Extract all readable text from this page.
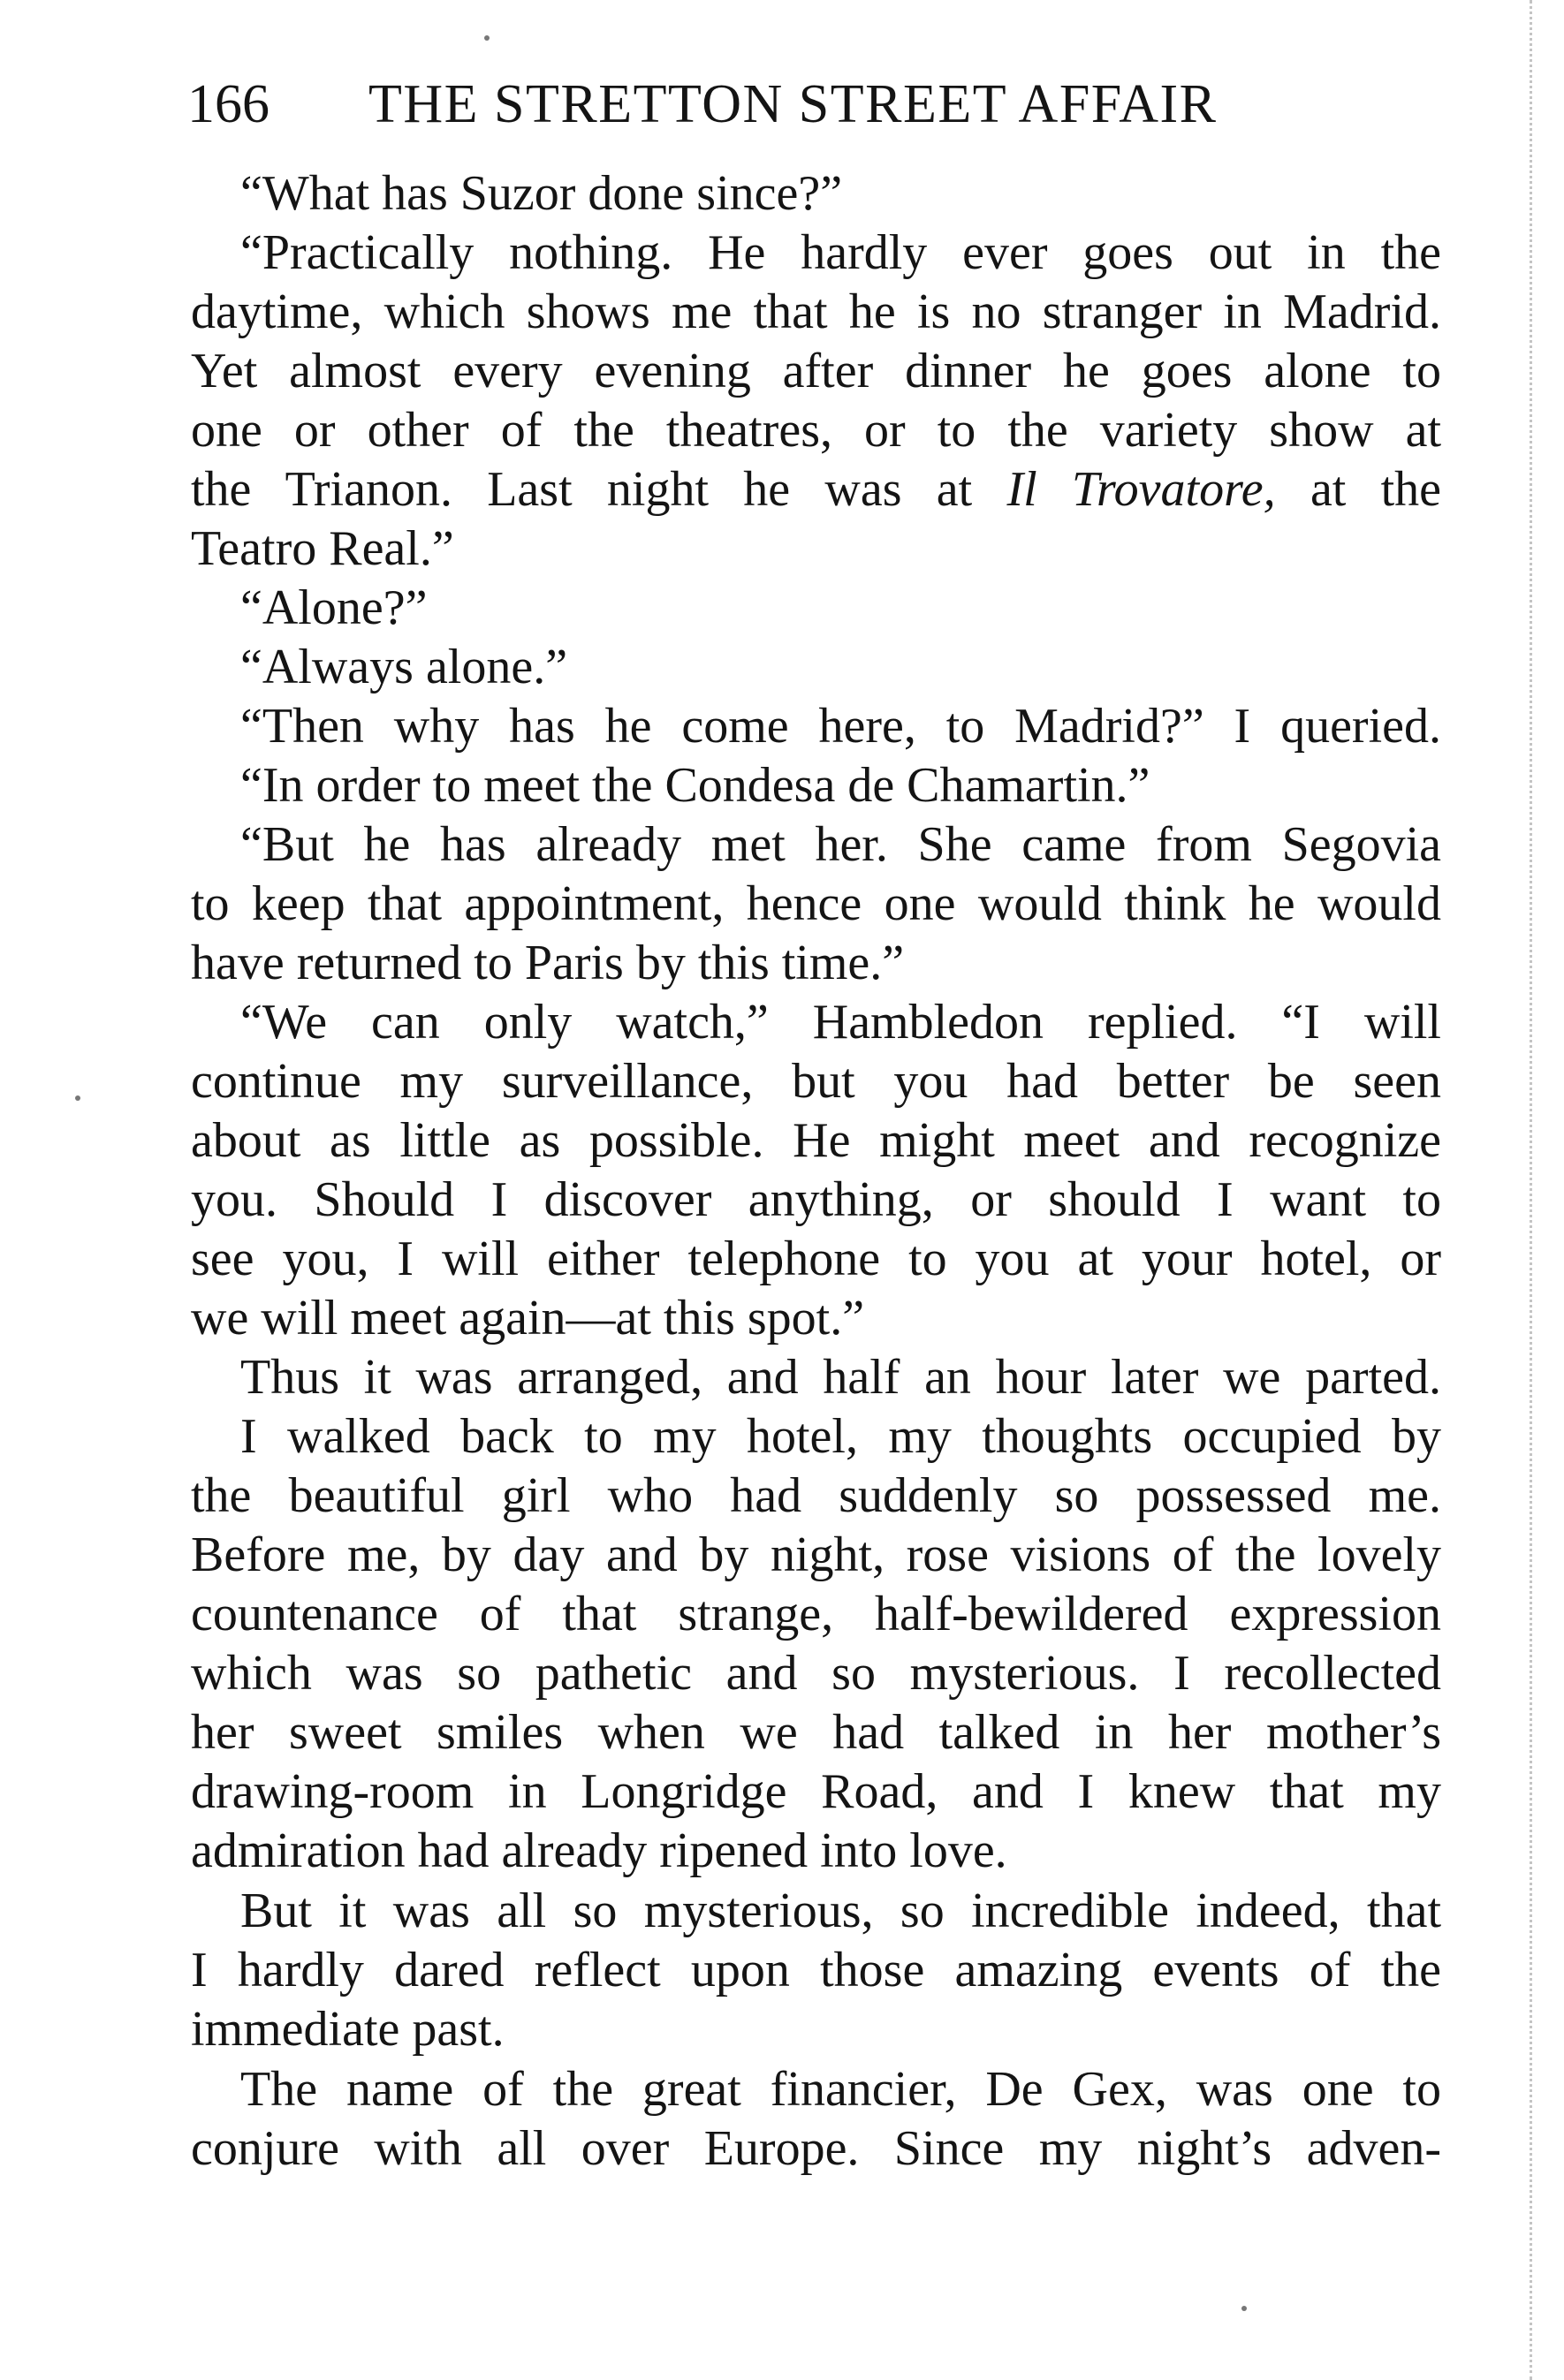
166 THE STRETTON STREET AFFAIR
“What has Suzor done since?”
“Practically nothing. He hardly ever goes out in the
daytime, which shows me that he is no stranger in Madrid.
Yet almost every evening after dinner he goes alone to
one or other of the theatres, or to the variety show at
the Trianon. Last night he was at Il Trovatore, at the
Teatro Real.”
“Alone?”
“Always alone.”
“Then why has he come here, to Madrid?” I queried.
“In order to meet the Condesa de Chamartin.”
“But he has already met her. She came from Segovia
to keep that appointment, hence one would think he would
have returned to Paris by this time.”
“We can only watch,” Hambledon replied. “I will
continue my surveillance, but you had better be seen
about as little as possible. He might meet and recognize
you. Should I discover anything, or should I want to
see you, I will either telephone to you at your hotel, or
we will meet again—at this spot.”
Thus it was arranged, and half an hour later we parted.
I walked back to my hotel, my thoughts occupied by
the beautiful girl who had suddenly so possessed me.
Before me, by day and by night, rose visions of the lovely
countenance of that strange, half-bewildered expression
which was so pathetic and so mysterious. I recollected
her sweet smiles when we had talked in her mother’s
drawing-room in Longridge Road, and I knew that my
admiration had already ripened into love.
But it was all so mysterious, so incredible indeed, that
I hardly dared reflect upon those amazing events of the
immediate past.
The name of the great financier, De Gex, was one to
conjure with all over Europe. Since my night’s adven-
